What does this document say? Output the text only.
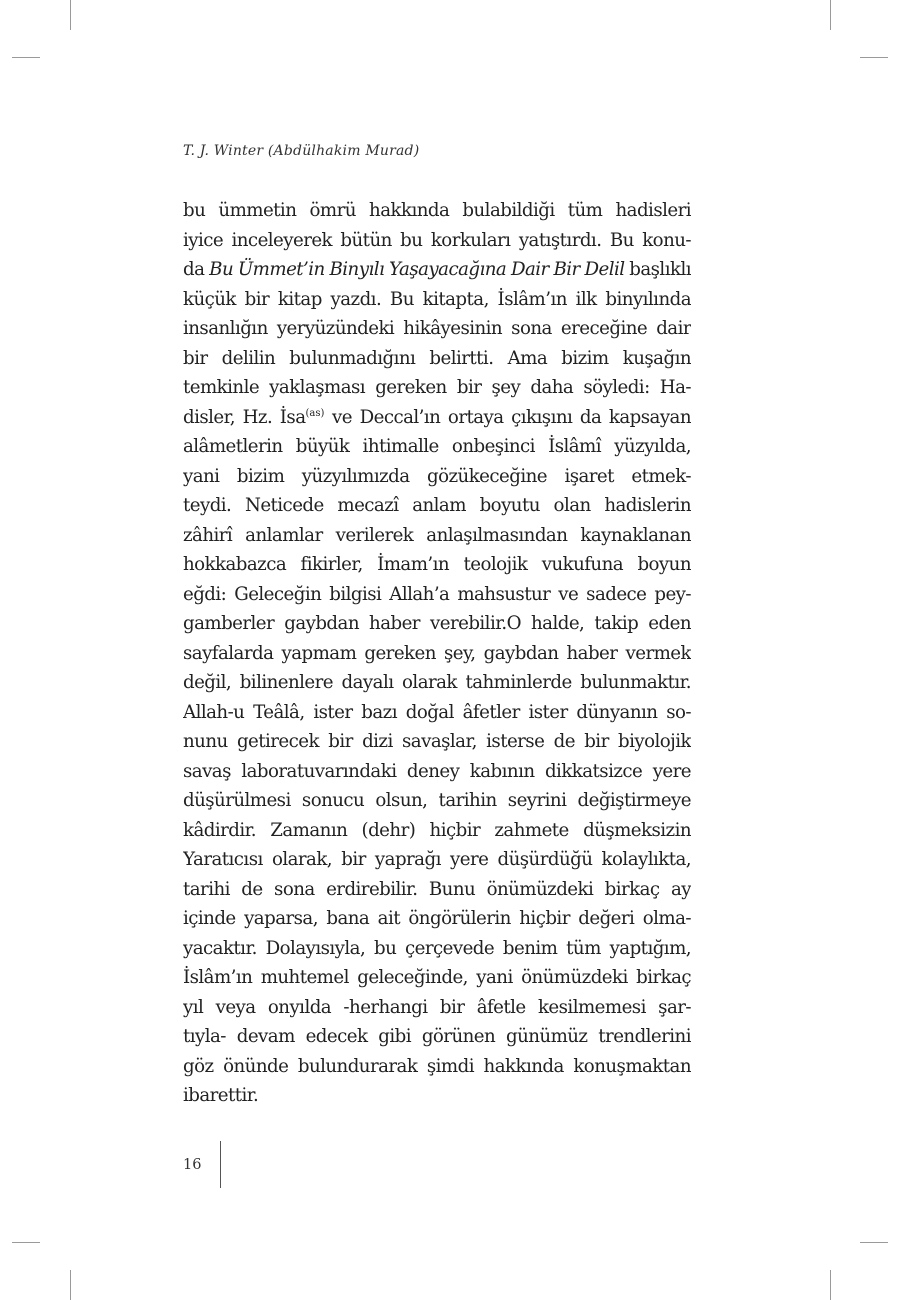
T. J. Winter (Abdülhakim Murad)
bu ümmetin ömrü hakkında bulabildiği tüm hadisleri
iyice inceleyerek bütün bu korkuları yatıştırdı. Bu konu-
da Bu Ümmet’in Binyılı Yaşayacağına Dair Bir Delil başlıklı
küçük bir kitap yazdı. Bu kitapta, İslâm’ın ilk binyılında
insanlığın yeryüzündeki hikâyesinin sona ereceğine dair
bir delilin bulunmadığını belirtti. Ama bizim kuşağın
temkinle yaklaşması gereken bir şey daha söyledi: Ha-
disler, Hz. İsa$^{(as)}$ ve Deccal’ın ortaya çıkışını da kapsayan
alâmetlerin büyük ihtimalle onbeşinci İslâmî yüzyılda,
yani bizim yüzyılımızda gözükeceğine işaret etmek-
teydi. Neticede mecazî anlam boyutu olan hadislerin
zâhirî anlamlar verilerek anlaşılmasından kaynaklanan
hokkabazca fikirler, İmam’ın teolojik vukufuna boyun
eğdi: Geleceğin bilgisi Allah’a mahsustur ve sadece pey-
gamberler gaybdan haber verebilir.O halde, takip eden
sayfalarda yapmam gereken şey, gaybdan haber vermek
değil, bilinenlere dayalı olarak tahminlerde bulunmaktır.
Allah-u Teâlâ, ister bazı doğal âfetler ister dünyanın so-
nunu getirecek bir dizi savaşlar, isterse de bir biyolojik
savaş laboratuvarındaki deney kabının dikkatsizce yere
düşürülmesi sonucu olsun, tarihin seyrini değiştirmeye
kâdirdir. Zamanın (dehr) hiçbir zahmete düşmeksizin
Yaratıcısı olarak, bir yaprağı yere düşürdüğü kolaylıkta,
tarihi de sona erdirebilir. Bunu önümüzdeki birkaç ay
içinde yaparsa, bana ait öngörülerin hiçbir değeri olma-
yacaktır. Dolayısıyla, bu çerçevede benim tüm yaptığım,
İslâm’ın muhtemel geleceğinde, yani önümüzdeki birkaç
yıl veya onyılda -herhangi bir âfetle kesilmemesi şar-
tıyla- devam edecek gibi görünen günümüz trendlerini
göz önünde bulundurarak şimdi hakkında konuşmaktan
ibarettir.
16
